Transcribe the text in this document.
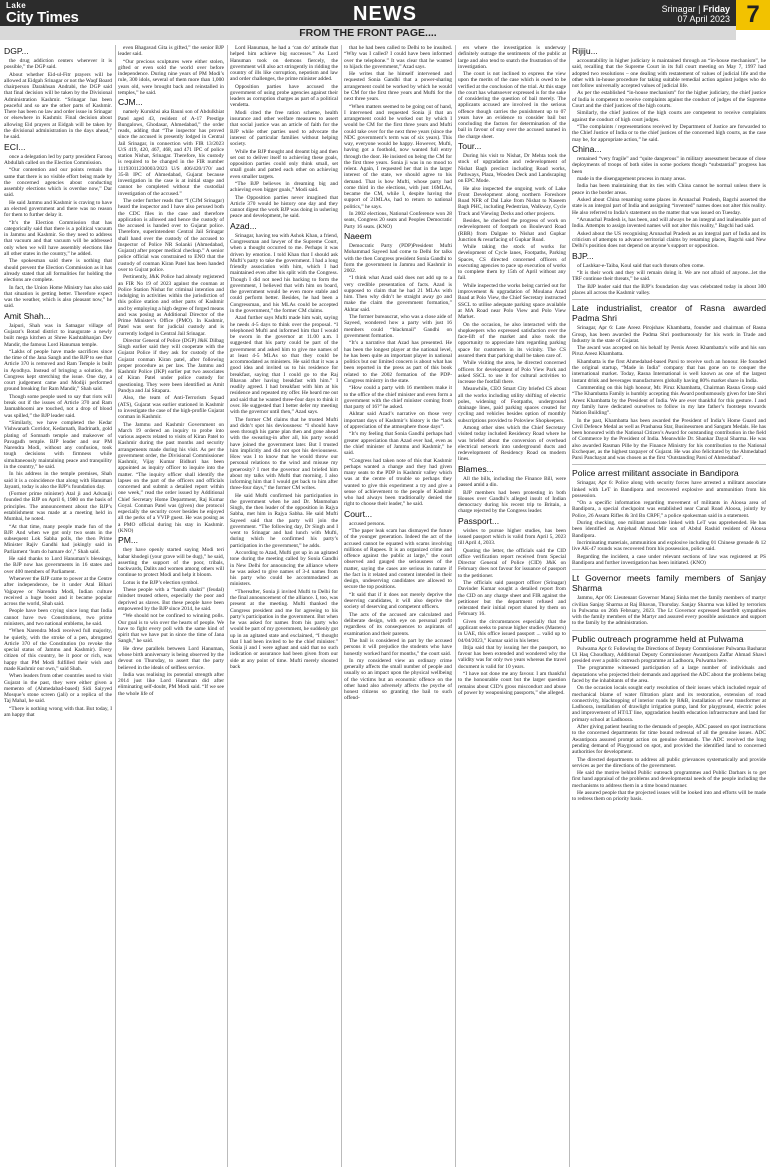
Lake
City Times	NEWS	Srinagar | Friday
07 April 2023 7
FROM THE FRONT PAGE....
DGP...

the drug addiction centers wherever it is possible,” the DGP said.

About whether Eid-ul-Fitr prayers will be allowed at Eidgah Srinagar or not the Waqf Board chairperson Darakhsan Andrabi, the DGP said that final decision will be taken by the Divisional Administration Kashmir. “Srinagar has been peaceful and so are the other parts of Kashmir. There has been no law and order issue in Srinagar or elsewhere in Kashmir. Final decision about allowing Eid prayers at Eidgah will be taken by the divisional administration in the days ahead,” he said.

ECI...

once a delegation led by party president Farooq Abdullah called on the Election Commission.

“Our contention and our points remain the same that there is no visible effort being made by the concerned agencies about conducting assembly elections which is overdue now,” Dar said.

He said Jammu and Kashmir is craving to have an elected government and there was no reason for them to further delay it.

“It’s the Election Commission that has categorically said that there is a political vacuum in Jammu and Kashmir. So they need to address that vacuum and that vacuum will be addressed only when we will have assembly elections like all other states in the country,” he added.

The spokesman said there is nothing that should prevent the Election Commission as it has already stated that all formalities for holding the elections are complete.

In fact, the Union Home Ministry has also said that situation is getting better. Therefore expect was the weather, which is also pleasant now,” he said.

Amit Shah...

Jaipuri, Shah was in Satnagar village of Gujarat’s Botad district to inaugurate a newly built mega kitchen at Shree Kashtabhanjan Dev Mandir, the famous Lord Hanuman temple.

“Lakhs of people have made sacrifices since the time of the Jana Sangh and the BJP to see that Article 370 is removed and Ram Temple is built in Ayodhya. Instead of bringing a solution, the Congress kept stretching the issue. One day, a court judgement came and Modiji performed ground breaking for Ram Mandir,” Shah said.

Though some people used to say that riots will break out if the issues of Article 370 and Ram Janmabhoomi are touched, not a drop of blood was spilled,” the BJP leader said.

“Similarly, we have completed the Kedar Vishwanath Corridor, Kedarnath, Badrinath, gold plating of Somnath temple and makeover of Pavagadh temple. BJP leader and our PM Narendra Modi, without any confusion, took tough decisions with firmness while simultaneously maintaining peace and tranquility in the country,” he said.

In his address in the temple premises, Shah said it is a coincidence that along with Hanuman Jayanti, today is also the BJP’s foundation day.

(Former prime minister) Atal ji and Advaniji founded the BJP on April 6, 1980 on the basis of principles. The announcement about the BJP’s establishment was made at a meeting held in Mumbai, he noted.

“At that time, many people made fun of the BJP. And when we got only two seats in the subsequent Lok Sabha polls, the then Prime Minister Rajiv Gandhi had jokingly said in Parliament ‘hum do hamare do’,” Shah said.

He said thanks to Lord Hanuman’s blessings, the BJP now has governments in 16 states and over 400 members of Parliament.

Whenever the BJP came to power at the Centre after independence, be it under Atal Bihari Vajpayee or Narendra Modi, Indian culture received a huge boost and it became popular across the world, Shah said.

People have been crying since long that India cannot have two Constitutions, two prime ministers, and two national emblems, he said.

“When Narendra Modi received full majority, he quietly, with the stroke of a pen, abrogated Article 370 of the Constitution (to revoke the special status of Jammu and Kashmir). Every citizen of this country, be it poor or rich, was happy that PM Modi fulfilled their wish and made Kashmir our own,” said Shah.

When leaders from other countries used to visit Gujarat in the past, they were either given a memento of (Ahmedabad-based) Sidi Saiyyed Mosque’s stone screen (jali) or a replica of the Taj Mahal, he said.

“There is nothing wrong with that. But today, I am happy that

even Bhagavad Gita is gifted,” the senior BJP leader said.

“Our precious sculptures were either stolen, gifted or even sold the world over before independence. During nine years of PM Modi’s rule, 300 idols, several of them more than 1,000 years old, were brought back and reinstalled in temples,” he said.

CJM...

namely Kurukhsi aka Bauni son of Abdulkhiat Patel aged 43, resident of A-17 Prestige Bungalows, Ghodasar, Ahmedabad,” the order reads, adding that “The inspector has proved since the accused is presently lodged in Central Jail Srinagar, in connection with FIR 13/2023 U/S 419, 420, 467, 468, and 471 IPC of police station Nishat, Srinagar. Therefore, his custody is required to be changed in the FIR number 11193011230003/2023 U/S 406/420/170/ and 35-B IPC of Ahmedabad, Gujarat because investigation in the case is at initial stage and cannot be completed without the custodial investigation of the accused.”

The order further reads that “I (CJM Srinagar) heard the inspector and I have also perused both the CDC files in the case and therefore application is allowed and hence the custody of the accused is handed over to Gujarat police. Therefore, superintendent Central Jail Srinagar shall hand over the custody of the accused to Inspector of Police NR Solanki (Ahmedabad, Gujarat) after proper medical checkup.” A senior police official was constrained to ENO that the custody of conman Kiran Patel has been handed over to Gujrat police.

Pertinently, J&K Police had already registered an FIR No 19 of 2023 against the conman at Police Station Nishat for criminal intention and indulging in activities within the jurisdiction of this police station and other parts of Kashmir and by employing a high degree of forged means and was posing as Additional Director of the Prime Minister’s Office (PMO). In Kashmir, Patel was sent for judicial custody and is currently lodged in Central Jail Srinagar.

Director General of Police (DGP) J&K Dilbag Singh earlier said they will cooperate with the Gujarat Police if they ask for custody of the Gujarat conman Kiran patel, after following proper procedure as per law. The Jammu and Kashmir Police (JKP) earlier put two associates of Kiran Patel under police custody for questioning. They were been identified as Amit Pandya and Jai Sitapara.

Also, the team of Anti-Terrorism Squad (ATS), Gujarat was earlier stationed in Kashmir to investigate the case of the high-profile Gujarat conman in Kashmir.

The Jammu and Kashmir Government on March 19 ordered an inquiry to probe into various aspects related to visits of Kiran Patel to Kashmir during the past months and security arrangements made during his visit. As per the government order, the Divisional Commissioner Kashmir, Vijay Kumar Bidhuri has been appointed as inquiry officer to inquire into the matter. “The inquiry officer shall identify the lapses on the part of the officers and officials concerned and submit a detailed report within one week,” read the order issued by Additional Chief Secretary Home Department, Raj Kumar Goyal. Conman Patel was (given) due protocol especially the security cover besides he enjoyed all the perks of a VVIP guest. He was posing as a PMO official during his stay in Kashmir. (KNO)

PM...

they have openly started saying Modi teri kabar khudegi (your grave will be dug),” he said, asserting the support of the poor, tribals, backwards, Dalits and women among others will continue to protect Modi and help it bloom.

Lotus is the BJP’s election symbol.

These people with a “bandh shakti” (feudal) mindset treated others, especially the poor and deprived as slaves. But these people have been empowered by the BJP since 2014, he said.

“We should not be confined to winning polls. Our goal is to win over the hearts of people. We have to fight every poll with the same kind of spirit that we have put in since the time of Jana Sangh,” he said.

He drew parallels between Lord Hanuman, whose birth anniversary is being observed by the devout on Thursday, to assert that the party believed in the ideals of selfless service.

India was realising its potential strength after 2014 just like Lord Hanuman did after eliminating self-doubt, PM Modi said. “If we see the whole life of

Lord Hanuman, he had a ‘can do’ attitude that helped him achieve big successes.” As Lord Hanuman took on demons fiercely, the government will also act stringently in ridding the country of ills like corruption, nepotism and law and order challenges, the prime minister added.

Opposition parties have accused the government of using probe agencies against their leaders as corruption charges as part of a political vendetta.

Modi cited the free ration scheme, health insurance and other welfare measures to assert that social justice was an article of faith for the BJP while other parties used to advocate the interest of particular families without helping society.

While the BJP thought and dreamt big and then set out to deliver itself to achieving these goals, opposition parties could only think small, set small goals and patted each other on achieving even smaller targets.

“The BJP believes in dreaming big and achieving even bigger goals,” Modi said.

The Opposition parties never imagined that Article 370 would be history one day and they cannot digest the work BJP was doing in ushering peace and development, he said.

Azad...

Srinagar, having tea with Ashok Khan, a friend, Congressman and lawyer of the Supreme Court, when a thought occurred to me. Perhaps it was driven by emotion. I told Khan that I should ask Mufti’s party to take the government. I had a long friendly association with him, which I had maintained even after his split with the Congress. Though I did not need his backing to form the government, I believed that with him on board, the government would be even more stable and could perform better. Besides, he had been a Congressman, and his MLAs could be accepted in the government,” the former CM claims.

Azad further says Mufti made him wait, saying he needs 4-5 days to think over the proposal. “I telephoned Mufti and informed him that I would be sworn in the governor at 11.00 a.m. I suggested that his party could be part of the government and asked him to give me names of at least 4-5 MLAs so that they could be accommodated as ministers. He said that it was a good idea and invited us to his residence for breakfast, saying that I could go to the Raj Bhavan after having breakfast with him.” I readily agreed. I had breakfast with him at his residence and repeated my offer. He heard me out and said that he wanted three-four days to think it over. He suggested that I better defer my meeting with the governor until then,” Azad says.

The former CM claims that he trusted Mufti and didn’t spot his deviousness: “I should have seen through his game plan then and gone ahead with the swearing-in after all, his party would have joined the government later. But I trusted him implicitly and did not spot his deviousness. How was I to know that he would throw our personal relations to the wind and misuse my generosity? I met the governor and briefed him about my talks with Mufti that morning. I also informing him that I would get back to him after three-four days,” the former CM writes.

He said Mufti confirmed his participation in the government when he and Dr. Manmohan Singh, the then leader of the opposition in Rajya Sabha, met him in Rajya Sabha. He said Mufti Sayeed said that the party will join the government. “The following day, Dr Singh and I went to Srinagar and had lunch with Mufti, during which he confirmed his party’s participation in the government,” he adds.

According to Azad, Mufti got up in an agitated tone during the meeting called by Sonia Gandhi in New Delhi for announcing the alliance where he was asked to give names of 3-4 names from his party who could be accommodated as ministers.

“Thereafter, Sonia ji invited Mufti to Delhi for the final announcement of the alliance. I, too, was present at the meeting. Mufti thanked the Congress president and me for agreeing to his party’s participation in the government. But when he was asked for names from his party who would be part of my government, he suddenly got up in an agitated state and exclaimed, “I thought that I had been invited to be the chief minister.” Sonia ji and I were aghast and said that no such indication or assurance had been given from our side at any point of time. Mufti merely shouted back

that he had been called to Delhi to be insulted. “Why was I called? I could have been informed over the telephone.” It was clear that he wanted to hijack the government,” Azad says.

He writes that he himself intervened and requested Sonia Gandhi that a power-sharing arrangement could be worked by which he would be CM for the first three years and Mufti for the next three years.

“When matters seemed to be going out of hand, I intervened and requested Sonia ji that an arrangement could be worked out by which I would be CM for the first three years and Mufti could take over for the next three years (since the NDC government’s term was of six years). This way, everyone would be happy. However, Mufti, having got a foothold, now wanted full entry through the door. He insisted on being the CM for the first three years. Sonia ji was in no mood to relent. Again, I requested her that in the larger interest of the state, we should agree to his demand. That is how Mufti, whose party had come third in the elections, with just 16MLAs, became the CM, while I, despite having the support of 21MLAs, had to return to national politics,” he says.

In 2002 elections, National Conference won 28 seats, Congress 20 seats and Peoples Democratic Party 16 seats. (KNO)

Naeem

Democratic Party (PDP)President Mufti Mohammad Sayeed had come to Delhi for talks with the then Congress president Sonia Gandhi to form the government in Jammu and Kashmir in 2002.

“I think what Azad said does not add up to a very credible presentation of facts. Azad is supposed to claim that he had 21 MLAs with him. Then why didn’t he straight away go and make the claim the government formation,” Akhtar said.

The former bureaucrat, who was a close aide of Sayeed, wondered how a party with just 16 members could “blackmail” Gandhi on government formation.

“It’s a narrative that Azad has presented. He has been the longest player at the national level, he has been quite an important player in national politics but our limited concern is about what has been reported in the press as part of this book related to the 2002 formation of the PDP-Congress ministry in the state.

“How could a party with 16 members make it to the office of the chief minister and even form a government with the chief minister coming from that party of 16?” he asked.

Akhtar said Azad’s narrative on those very important days of Kashmir’s history is the “lack of appreciation of the atmosphere those days”.

“It’s my feeling that Sonia Gandhi perhaps had greater appreciation than Azad ever had, even as the chief minister of Jammu and Kashmir,” he said.

“Congress had taken note of this that Kashmir perhaps wanted a change and they had given many seats to the PDP in Kashmir valley which was at the centre of trouble so perhaps they wanted to give this experiment a try and give a sense of achievement to the people of Kashmir who had always been traditionally denied the right to choose their leader,” he said.

Court...

accused persons.

“The paper leak scam has dismayed the future of the younger generation. Indeed the act of the accused cannot be equated with scams involving millions of Rupees. It is an organized crime and offence against the public at large,” the court observed and gauged the seriousness of the matter, saying the cases are serious in nature if the fact in it related and content intended in their design, undeserving candidates are allowed to secure the top positions.

“It said that if it does not merely deprive the deserving candidates, it will also deprive the society of deserving and competent officers.

The acts of the accused are calculated and deliberate design, with eye on personal profit regardless of its consequences to aspirants of examination and their parents.

The bail is considered in part by the accused persons it will prejudice the students who have honestly worked hard for months,” the court said.

In my considered view an ordinary crime generally affects the small number of people and usually so an impact upon the physical wellbeing of the victims but an economic offence on the other hand also adversely affects the psyche of honest citizens so granting the bail to such offend-

ers where the investigation is underway definitely outrage the sentiments of the public at large and also tend to snatch the frustration of the investigation.

The court is not inclined to express the view upon the merits of the case which is owed to be verified at the conclusion of the trial. At this stage the court has whatsoever expressed is for the sake of considering the question of bail merely. The applicants accused are involved in the serious offence though carries the punishment up to 07 years have an evidence to consider bail but concluding the factors for determination of the bail in favour of stay over the accused named in the charge sheet.

Tour...

During his visit to Nishat, Dr Mehta took the stock of upgradation and redevelopment of Nishat Bagh precinct including Road works, Pathways, Plaza, Wooden Deck and Landscaping on EPC Mode.

He also inspected the ongoing work of Lake Front Development along northern Foreshore Road NFR of Dal Lake from Nishat to Naseem Bagh PHC, including Pedestrian, Walkway, Cycle Track and Viewing Decks and other projects.

Besides, he checked the progress of work on redevelopment of footpath on Boulevard Road (RBR) from Dalgate to Nishat and Gupkar Junction & resurfacing of Gupkar Road.

While taking the stock of works for development of Cycle lanes, Footpaths, Parking Spaces, CS directed concerned officers of executing agencies to pace up execution of works to complete them by 15th of April without any fail.

While inspected the works being carried out for improvement & upgradation of Moulana Azad Road at Polo View, the Chief Secretary instructed SSCL to utilise adequate parking space available at MA Road near Polo View and Polo View Market.

On the occasion, he also interacted with the shopkeepers who expressed satisfaction over the face-lift of the market and also took the opportunity to appreciate him regarding parking space for customers in its vicinity. The CS assured them that parking shall be taken care of.

While visiting the area, he directed concerned officers for development of Polo View Park and asked SSCL to use it for cultural activities to increase the footfall there.

Meanwhile, CEO Smart City briefed CS about all the works including utility shifting of electric poles, widening of Footpaths, underground drainage lines, paid parking spaces created for cycling and vehicles besides option of monthly subscriptions provided to Poloview Shopkeepers.

Among other sites which the Chief Secretary visited today included Residency Road where he was briefed about the conversion of overhead electrical network into underground ducts and redevelopment of Residency Road on modern lines.

Blames...

All the bills, including the Finance Bill, were passed amid a din.

BJP members had been protesting in both Houses over Gandhi’s alleged insult of Indian democracy during his recent trip to Britain, a charge rejected by the Congress leader.

Passport...

wishes to pursue higher studies, has been issued passport which is valid from April 5, 2023 till April 4, 2033.

Quoting the letter, the officials said the CID office verification report received from Special Director General of Police (CID) J&K on February does not favour for issuance of passport to the petitioner.

The officials said passport officer (Srinagar) Davinder Kumar sought a detailed report from the CID on any charge sheet and FIR against the petitioner but the department refused and reiterated their initial report shared by them on February 16.

Given the circumstances especially that the applicant seeks to pursue higher studies (Masters) in UAE, this office issued passport ... valid up to 04/04/2023,” Kumar said in his letter.

Iltija said that by issuing her the passport, no favour has been extended and wondered why the validity was for only two years whereas the travel document is valid for 10 years.

“I have not done me any favour. I am thankful to the honourable court but the larger question remains about CID’s gross misconduct and abuse of power by weaponising passports,” she alleged.

Rijiju...

accountability in higher judiciary is maintained through an “in-house mechanism”, he said, recalling that the Supreme Court in its full court meeting on May 7, 1997 had adopted two resolutions – one dealing with restatement of values of judicial life and the other with in-house procedure for taking suitable remedial action against judges who do not follow universally accepted values of judicial life.

As per the established “in-house mechanism” for the higher judiciary, the chief justice of India is competent to receive complaints against the conduct of judges of the Supreme Court and the chief justices of the high courts.

Similarly, the chief justices of the high courts are competent to receive complaints against the conduct of high court judges.

“The complaints / representations received by Department of Justice are forwarded to the Chief Justice of India or to the chief justices of the concerned high courts, as the case may be, for appropriate action,” he said.

China...

remained “very fragile” and “quite dangerous” in military assessment because of close deployments of troops of both sides in some pockets though “substantial” progress has been

made in the disengagement process in many areas.

India has been maintaining that its ties with China cannot be normal unless there is peace in the border areas.

Asked about China renaming some places in Arunachal Pradesh, Bagchi asserted the state is an integral part of India and assigning “invented” names does not alter this reality. He also referred to India’s statement on the matter that was issued on Tuesday.

“Arunachal Pradesh is, has been, and will always be an integral and inalienable part of India. Attempts to assign invented names will not alter this reality,” Bagchi had said.

Asked about the US recognising Arunachal Pradesh as an integral part of India and its criticism of attempts to advance territorial claims by renaming places, Bagchi said New Delhi’s position does not depend on anyone’s support or opposition.

BJP...

of Lashkar-e-Taiba, Koul said that such threats often come.

“It is their work and they will remain doing it. We are not afraid of anyone...let the TRF continue their threats,” he said.

The BJP leader said that the BJP’s foundation day was celebrated today in about 300 places all across the Kashmir valley.

Late industrialist, creator of Rasna awarded Padma Shri

Srinagar, Apr 6: Late Areez Pirojshaw Khambatta, founder and chairman of Rasna Group, has been awarded the Padma Shri posthumously for his work in Trade and Industry in the state of Gujarat.

The award was accepted on his behalf by Persis Areez Khambatta’s wife and his son Piruz Areez Khambatta.

Khambatta is the first Ahmedabad-based Parsi to receive such an honour. He founded the original startup, “Made in India” company that has gone on to conquer the international market. Today, Rasna International is well known as one of the largest instant drink and beverages manufacturers globally having 80% market share in India.

Commenting on this high honour, Mr. Piruz Khambatta, Chairman Rasna Group said “The Khambatta Family is humbly accepting this Award posthumously given for late Shri Areez Khambatta by the President of India. We are ever thankful for this gesture. I and my family have dedicated ourselves to follow in my late father’s footsteps towards Nation Building”.

In the past, Khambatta has been awarded the President of India’s Home Guard and Civil Defence Medal as well as Prashansa Star, Businessmen and Sangam Medals. He has been honoured with the National Citizen’s Award for outstanding contribution in the field of Commerce by the President of India. Meanwhile Dr. Shankar Dayal Sharma. He was also awarded Rasman Pille by the Finance Ministry for his contribution to the National Exchequer, as the highest taxpayer of Gujarat. He was also felicitated by the Ahmedabad Parsi Panchayat and was chosen as the first ‘Outstanding Parsi of Ahmedabad’.

Police arrest militant associate in Bandipora

Srinagar, Apr 6: Police along with security forces have arrested a militant associate linked with LeT in Bandipora and recovered explosive and ammunition from his possession.

“On a specific information regarding movement of militants in Aloosa area of Bandipora, a special checkpoint was established near Canal Road Aloosa, jointly by Police, 26 Assam Rifles & 3rd Bn CRPF,” a police spokesman said in a statement.

During checking, one militant associate linked with LeT was apprehended. He has been identified as Amjehad Ahmad Mir son of Abdul Rashid resident of Aloosa Bandipora.

Incriminating materials, ammunition and explosive including 01 Chinese grenade & 12 live AK-47 rounds was recovered from his possession, police said.

Regarding the incident, a case under relevant sections of law was registered at PS Bandipora and further investigation has been initiated. (KNO)

Lt Governor meets family members of Sanjay Sharma

Jammu, Apr 06: Lieutenant Governor Manoj Sinha met the family members of martyr civilian Sanjay Sharma at Raj Bhavan, Thursday. Sanjay Sharma was killed by terrorists in Pulwama on 26th February, 2023. The Lt Governor expressed heartfelt sympathies with the family members of the Martyr and assured every possible assistance and support to the family by the administration.

Public outreach programme held at Pulwama

Pulwama Apr 6: Following the Directions of Deputy Commissioner Pulwama Basharat Ul Haq Choudhary, Additional Deputy Commissioner Awantipora Zaffar Ahmad Shawl presided over a public outreach programme at Ladhoora, Pulwama here.

The programme witnessed participation of a large number of individuals and deputations who projected their demands and apprised the ADC about the problems being faced by the inhabitants of the area.

On the occasion locals sought early resolution of their issues which included repair of mechanical blame of water filtration plant and its restoration, extension of road connectivity, blacktopping of interior roads by R&B, installation of new transformer at Ladhoora, installation of drawlight irrigation pump, land for playground, electric poles and improvement of HT/LT line, upgradation health education infrastructure and land for primary school at Ladhoora.

After giving patient hearing to the demands of people, ADC passed on spot instructions to the concerned departments for time bound redressal of all the genuine issues. ADC Awantipora assured prompt action on genuine demands. The ADC received the long pending demand of Playground on spot, and provided the identified land to concerned authorities for development.

The directed departments to address all public grievances systematically and provide services as per the directions of the government.

He said the motive behind Public outreach programmes and Public Darbars is to get first hand appraisal of the problems and developmental needs of the people including the mechanisms to address them in a time bound manner.

He assured people that the projected issues will be looked into and efforts will be made to redress them on priority basis.
